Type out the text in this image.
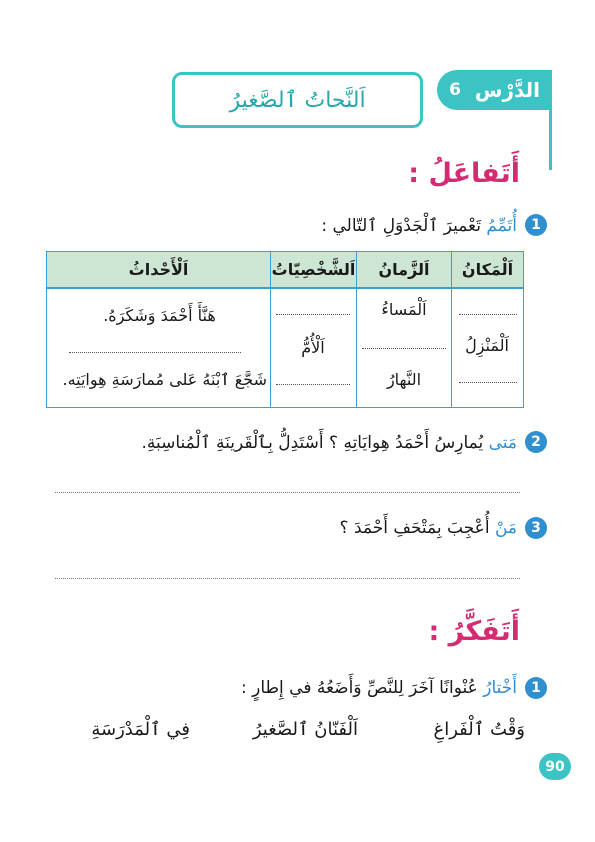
الدَّرْس
6
اَلنَّحاتُ ٱلصَّغيرُ
أَتَفاعَلُ :
1
أُتَمِّمُ تَعْميرَ ٱلْجَدْوَلِ ٱلتّالي :
اَلْمَكانُ
اَلزَّمانُ
اَلشَّخْصِيّاتُ
اَلْأَحْداثُ
اَلْمَنْزِلُ
اَلْمَساءُ
النَّهارُ
اَلْأُمُّ
هَنَّأَ أَحْمَدَ وَشَكَرَهُ.
شَجَّعَ ٱبْنَهُ عَلى مُمارَسَةِ هِوايَتِه.
2
مَتى يُمارِسُ أَحْمَدُ هِوايَاتِهِ ؟ أَسْتَدِلُّ بِٱلْقَرينَةِ ٱلْمُناسِبَةِ.
3
مَنْ أُعْجِبَ بِمَتْحَفِ أَحْمَدَ ؟
أَتَفَكَّرُ :
1
أَخْتارُ عُنْوانًا آخَرَ لِلنَّصِّ وَأَضَعُهُ في إِطارٍ :
وَقْتُ ٱلْفَراغِ
اَلْفَنّانُ ٱلصَّغيرُ
فِي ٱلْمَدْرَسَةِ
90
